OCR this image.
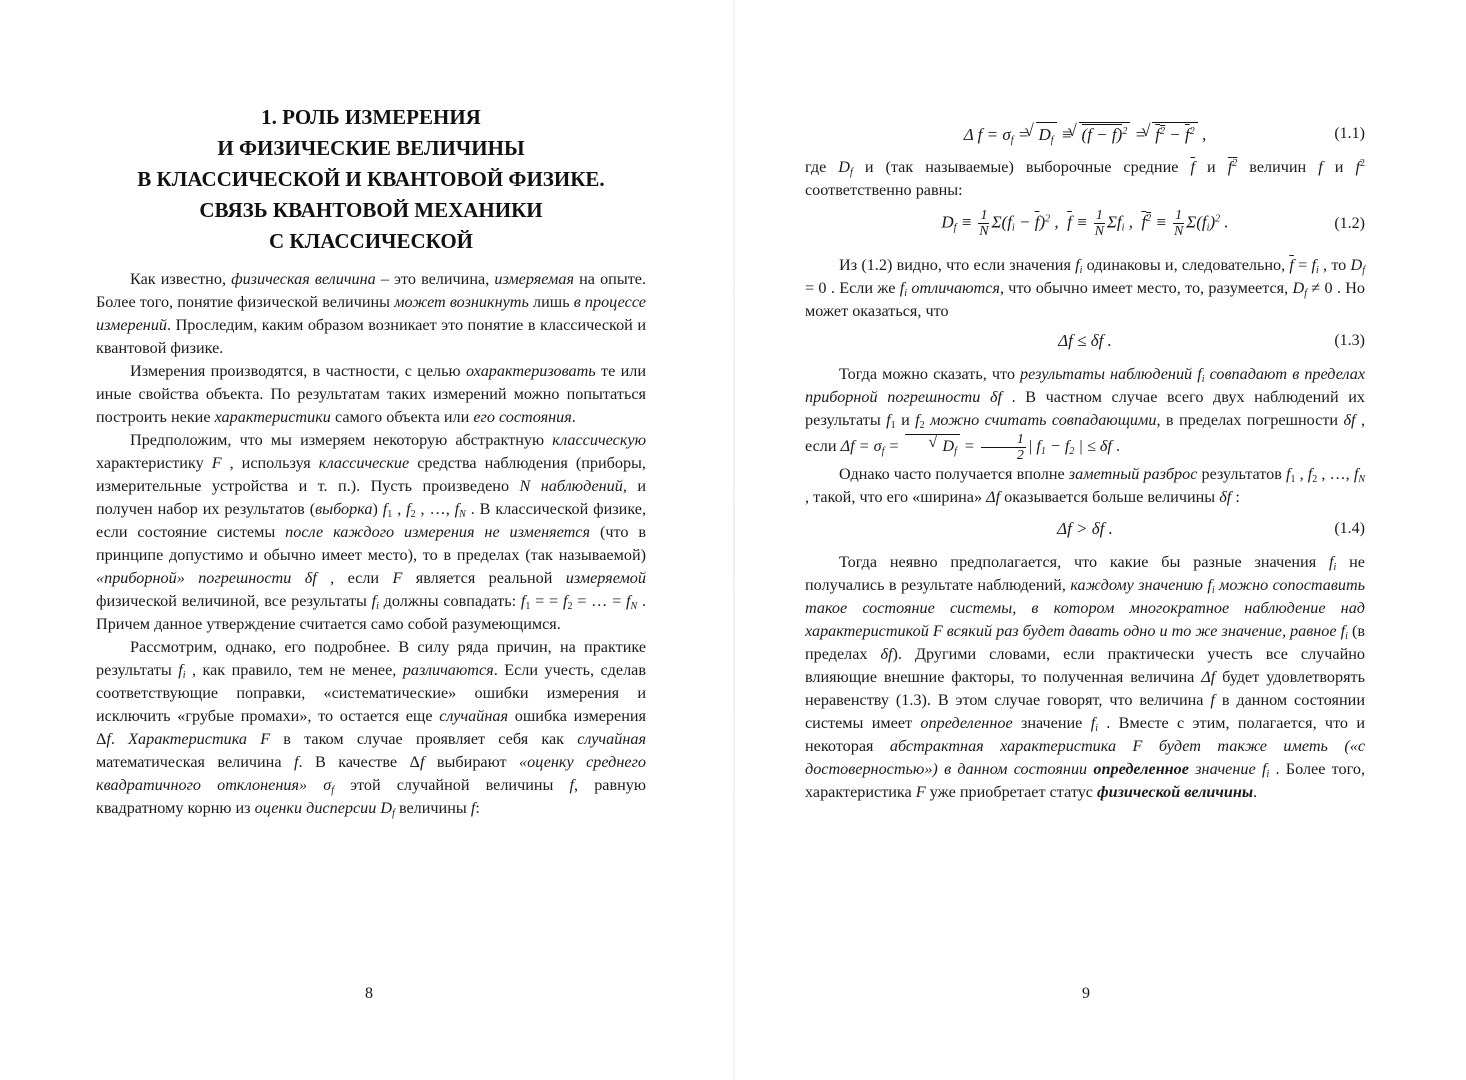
1. РОЛЬ ИЗМЕРЕНИЯ
И ФИЗИЧЕСКИЕ ВЕЛИЧИНЫ
В КЛАССИЧЕСКОЙ И КВАНТОВОЙ ФИЗИКЕ.
СВЯЗЬ КВАНТОВОЙ МЕХАНИКИ
С КЛАССИЧЕСКОЙ

Как известно, физическая величина – это величина, измеряемая на опыте. Более того, понятие физической величины может возникнуть лишь в процессе измерений. Проследим, каким образом возникает это понятие в классической и квантовой физике.

Измерения производятся, в частности, с целью охарактеризовать те или иные свойства объекта. По результатам таких измерений можно попытаться построить некие характеристики самого объекта или его состояния.

Предположим, что мы измеряем некоторую абстрактную классическую характеристику F , используя классические средства наблюдения (приборы, измерительные устройства и т. п.). Пусть произведено N наблюдений, и получен набор их результатов (выборка) $f_1$ , $f_2$ , …, $f_N$ . В классической физике, если состояние системы после каждого измерения не изменяется (что в принципе допустимо и обычно имеет место), то в пределах (так называемой) «приборной» погрешности δf , если F является реальной измеряемой физической величиной, все результаты $f_i$ должны совпадать: $f_1$ = = $f_2$ = … = $f_N$ . Причем данное утверждение считается само собой разумеющимся.

Рассмотрим, однако, его подробнее. В силу ряда причин, на практике результаты $f_i$ , как правило, тем не менее, различаются. Если учесть, сделав соответствующие поправки, «систематические» ошибки измерения и исключить «грубые промахи», то остается еще случайная ошибка измерения Δf. Характеристика F в таком случае проявляет себя как случайная математическая величина f. В качестве Δf выбирают «оценку среднего квадратичного отклонения» $\sigma_f$ этой случайной величины f, равную квадратному корню из оценки дисперсии $D_f$ величины f:

8
Δ $f = \sigma_f$ = √ $D_f$ ≡ √ $(f - \overline{f})^2$ = √ $f^2 - \overline{f}^2$ ,	(1.1)

где $D_f$ и (так называемые) выборочные средние $\overline{f}$ и $f^2$ величин f и $f^2$ соответственно равны:

$D_f \equiv \frac{1}{N} \Sigma(f_i - \overline{f})^2$ ,  $\overline{f} \equiv \frac{1}{N} \Sigma f_i$ ,  $f^2 \equiv \frac{1}{N} \Sigma(f_i)^2$ .	(1.2)

Из (1.2) видно, что если значения $f_i$ одинаковы и, следовательно, $\overline{f} = f_i$ , то $D_f = 0$ . Если же $f_i$ отличаются, что обычно имеет место, то, разумеется, $D_f \ne 0$ . Но может оказаться, что

Δf ≤ δf .	(1.3)

Тогда можно сказать, что результаты наблюдений $f_i$ совпадают в пределах приборной погрешности δf . В частном случае всего двух наблюдений их результаты $f_1$ и $f_2$ можно считать совпадающими, в пределах погрешности δf , если $\Delta f = \sigma_f$ = √ $D_f = \frac{1}{2}$ | $f_1 - f_2$ | ≤ δf .

Однако часто получается вполне заметный разброс результатов $f_1$ , $f_2$ , …, $f_N$ , такой, что его «ширина» Δf оказывается больше величины δf :

Δf > δf .	(1.4)

Тогда неявно предполагается, что какие бы разные значения $f_i$ не получались в результате наблюдений, каждому значению $f_i$ можно сопоставить такое состояние системы, в котором многократное наблюдение над характеристикой F всякий раз будет давать одно и то же значение, равное $f_i$ (в пределах δf). Другими словами, если практически учесть все случайно влияющие внешние факторы, то полученная величина Δf будет удовлетворять неравенству (1.3). В этом случае говорят, что величина f в данном состоянии системы имеет определенное значение $f_i$ . Вместе с этим, полагается, что и некоторая абстрактная характеристика F будет также иметь («с достоверностью») в данном состоянии определенное значение $f_i$ . Более того, характеристика F уже приобретает статус физической величины.

9
